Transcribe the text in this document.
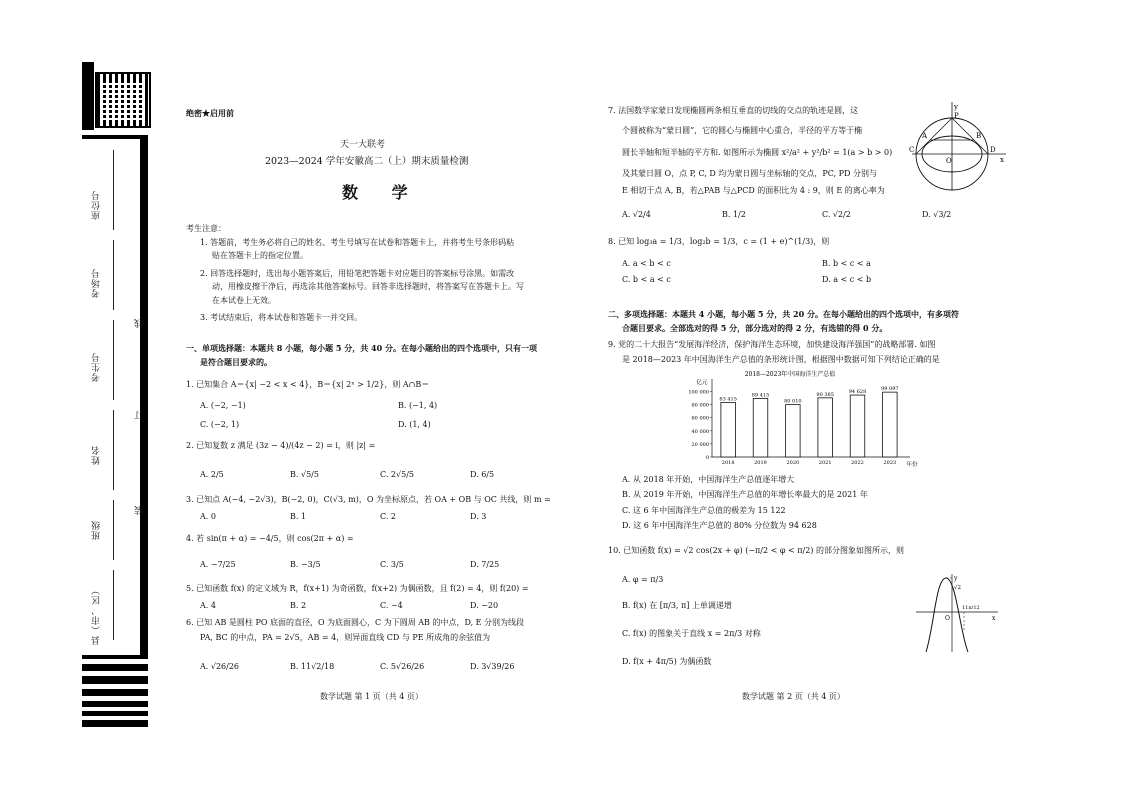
座位号
考场号
考生号
姓名
班级
县（市、区）
装
订
线
绝密★启用前
天一大联考
2023—2024 学年安徽高二（上）期末质量检测
数 学
考生注意：
1. 答题前，考生务必将自己的姓名、考生号填写在试卷和答题卡上，并将考生号条形码粘
贴在答题卡上的指定位置。
2. 回答选择题时，选出每小题答案后，用铅笔把答题卡对应题目的答案标号涂黑。如需改
动，用橡皮擦干净后，再选涂其他答案标号。回答非选择题时，将答案写在答题卡上。写
在本试卷上无效。
3. 考试结束后，将本试卷和答题卡一并交回。
一、单项选择题：本题共 8 小题，每小题 5 分，共 40 分。在每小题给出的四个选项中，只有一项
是符合题目要求的。
1. 已知集合 A＝{x| −2 < x < 4}，B＝{x| 2ˣ > 1/2}，则 A∩B＝
A. (−2, −1)	B. (−1, 4)
C. (−2, 1)	D. (1, 4)
2. 已知复数 z 满足 (3z − 4)/(4z − 2) = i，则 |z| =
A. 2/5	B. √5/5	C. 2√5/5	D. 6/5
3. 已知点 A(−4, −2√3)，B(−2, 0)，C(√3, m)，O 为坐标原点，若 OA + OB 与 OC 共线，则 m =
A. 0	B. 1	C. 2	D. 3
4. 若 sin(π + α) = −4/5，则 cos(2π + α) =
A. −7/25	B. −3/5	C. 3/5	D. 7/25
5. 已知函数 f(x) 的定义域为 R，f(x+1) 为奇函数，f(x+2) 为偶函数，且 f(2) = 4，则 f(20) =
A. 4	B. 2	C. −4	D. −20
6. 已知 AB 是圆柱 PO 底面的直径，O 为底面圆心，C 为下圆周 AB 的中点，D, E 分别为线段
PA, BC 的中点，PA = 2√5，AB = 4，则异面直线 CD 与 PE 所成角的余弦值为
A. √26/26	B. 11√2/18	C. 5√26/26	D. 3√39/26
数学试题 第 1 页（共 4 页）
7. 法国数学家蒙日发现椭圆两条相互垂直的切线的交点的轨迹是圆，这
个圆被称为“蒙日圆”，它的圆心与椭圆中心重合，半径的平方等于椭
圆长半轴和短半轴的平方和. 如图所示为椭圆 x²/a² + y²/b² = 1(a > b > 0)
及其蒙日圆 O，点 P, C, D 均为蒙日圆与坐标轴的交点，PC, PD 分别与
E 相切于点 A, B，若△PAB 与△PCD 的面积比为 4 : 9，则 E 的离心率为
y
P
A	B
C	D
O	x
A. √2/4	B. 1/2	C. √2/2	D. √3/2
8. 已知 log₃a = 1/3，log₂b = 1/3，c = (1 + e)^(1/3)，则
A. a < b < c	B. b < c < a
C. b < a < c	D. a < c < b
二、多项选择题：本题共 4 小题，每小题 5 分，共 20 分。在每小题给出的四个选项中，有多项符
合题目要求。全部选对的得 5 分，部分选对的得 2 分，有选错的得 0 分。
9. 党的二十大报告“发展海洋经济，保护海洋生态环境，加快建设海洋强国”的战略部署. 如图
是 2018—2023 年中国海洋生产总值的条形统计图，根据图中数据可知下列结论正确的是
2018—2023年中国海洋生产总值
亿元
年份
0
20 000
40 000
60 000
80 000
100 000
83 415
2018
89 415
2019
80 010
2020
90 385
2021
94 628
2022
99 097
2023
A. 从 2018 年开始，中国海洋生产总值逐年增大
B. 从 2019 年开始，中国海洋生产总值的年增长率最大的是 2021 年
C. 这 6 年中国海洋生产总值的极差为 15 122
D. 这 6 年中国海洋生产总值的 80% 分位数为 94 628
10. 已知函数 f(x) = √2 cos(2x + φ) (−π/2 < φ < π/2) 的部分图象如图所示，则
A. φ = π/3
B. f(x) 在 [π/3, π] 上单调递增
C. f(x) 的图象关于直线 x = 2π/3 对称
D. f(x + 4π/5) 为偶函数
y
√2
O
11π/12
x
数学试题 第 2 页（共 4 页）
